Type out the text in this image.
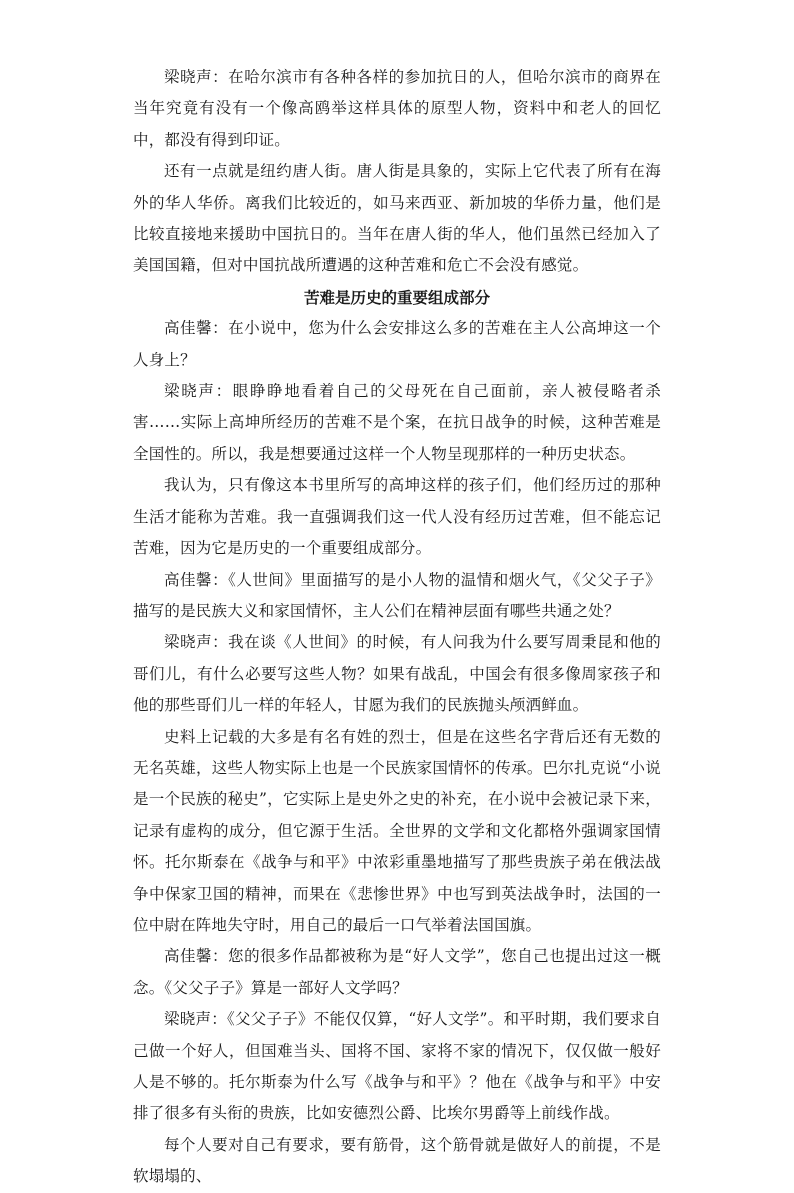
梁晓声：在哈尔滨市有各种各样的参加抗日的人，但哈尔滨市的商界在当年究竟有没有一个像高鸥举这样具体的原型人物，资料中和老人的回忆中，都没有得到印证。

还有一点就是纽约唐人街。唐人街是具象的，实际上它代表了所有在海外的华人华侨。离我们比较近的，如马来西亚、新加坡的华侨力量，他们是比较直接地来援助中国抗日的。当年在唐人街的华人，他们虽然已经加入了美国国籍，但对中国抗战所遭遇的这种苦难和危亡不会没有感觉。

苦难是历史的重要组成部分

高佳馨：在小说中，您为什么会安排这么多的苦难在主人公高坤这一个人身上？

梁晓声：眼睁睁地看着自己的父母死在自己面前，亲人被侵略者杀害……实际上高坤所经历的苦难不是个案，在抗日战争的时候，这种苦难是全国性的。所以，我是想要通过这样一个人物呈现那样的一种历史状态。

我认为，只有像这本书里所写的高坤这样的孩子们，他们经历过的那种生活才能称为苦难。我一直强调我们这一代人没有经历过苦难，但不能忘记苦难，因为它是历史的一个重要组成部分。

高佳馨：《人世间》里面描写的是小人物的温情和烟火气，《父父子子》描写的是民族大义和家国情怀，主人公们在精神层面有哪些共通之处？

梁晓声：我在谈《人世间》的时候，有人问我为什么要写周秉昆和他的哥们儿，有什么必要写这些人物？如果有战乱，中国会有很多像周家孩子和他的那些哥们儿一样的年轻人，甘愿为我们的民族抛头颅洒鲜血。

史料上记载的大多是有名有姓的烈士，但是在这些名字背后还有无数的无名英雄，这些人物实际上也是一个民族家国情怀的传承。巴尔扎克说“小说是一个民族的秘史”，它实际上是史外之史的补充，在小说中会被记录下来，记录有虚构的成分，但它源于生活。全世界的文学和文化都格外强调家国情怀。托尔斯泰在《战争与和平》中浓彩重墨地描写了那些贵族子弟在俄法战争中保家卫国的精神，而果在《悲惨世界》中也写到英法战争时，法国的一位中尉在阵地失守时，用自己的最后一口气举着法国国旗。

高佳馨：您的很多作品都被称为是“好人文学”，您自己也提出过这一概念。《父父子子》算是一部好人文学吗？

梁晓声：《父父子子》不能仅仅算，“好人文学”。和平时期，我们要求自己做一个好人，但国难当头、国将不国、家将不家的情况下，仅仅做一般好人是不够的。托尔斯泰为什么写《战争与和平》？他在《战争与和平》中安排了很多有头衔的贵族，比如安德烈公爵、比埃尔男爵等上前线作战。

每个人要对自己有要求，要有筋骨，这个筋骨就是做好人的前提，不是软塌塌的、
